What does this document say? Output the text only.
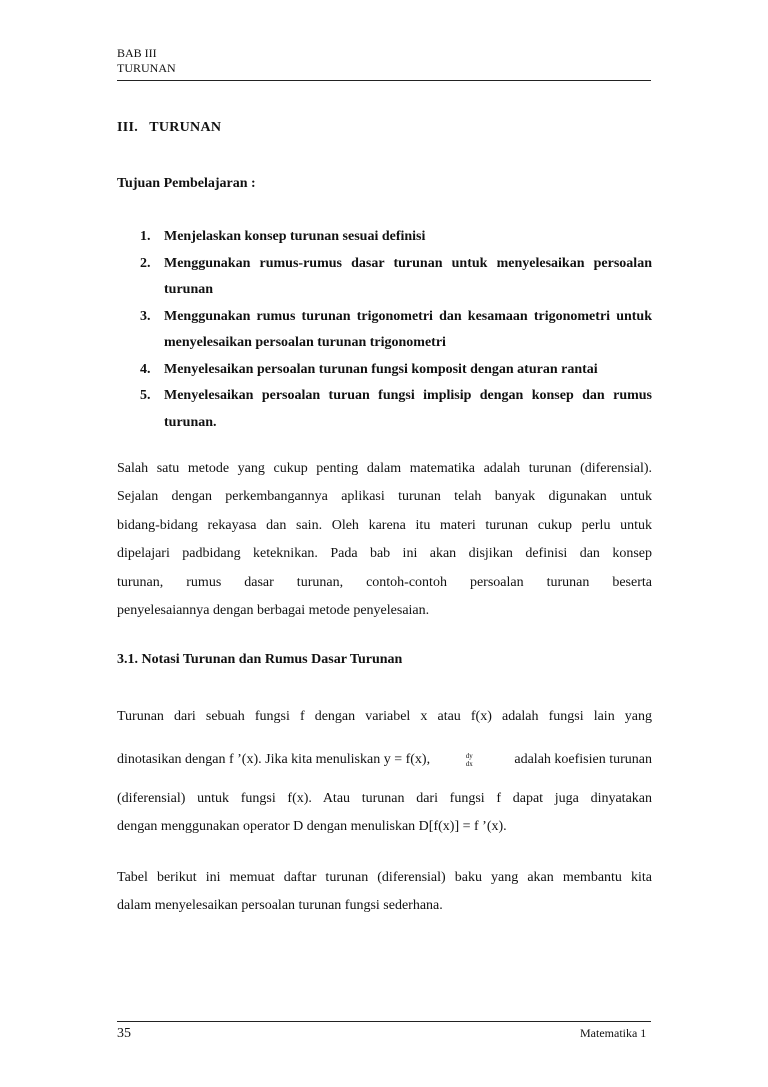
BAB III
TURUNAN
III.   TURUNAN
Tujuan Pembelajaran :
1. Menjelaskan konsep turunan sesuai definisi
2. Menggunakan rumus-rumus dasar turunan untuk menyelesaikan persoalan turunan
3. Menggunakan rumus turunan trigonometri dan kesamaan trigonometri untuk menyelesaikan persoalan turunan trigonometri
4. Menyelesaikan persoalan turunan fungsi komposit dengan aturan rantai
5. Menyelesaikan persoalan turuan fungsi implisip dengan konsep dan rumus turunan.
Salah satu metode yang cukup penting dalam matematika adalah turunan (diferensial).
Sejalan dengan perkembangannya aplikasi turunan telah banyak digunakan untuk
bidang-bidang rekayasa dan sain. Oleh karena itu materi turunan cukup perlu untuk
dipelajari padbidang keteknikan. Pada bab ini akan disjikan definisi dan konsep
turunan, rumus dasar turunan, contoh-contoh persoalan turunan beserta
penyelesaiannya dengan berbagai metode penyelesaian.
3.1. Notasi Turunan dan Rumus Dasar Turunan
Turunan dari sebuah fungsi f dengan variabel x atau f(x) adalah fungsi lain yang
dinotasikan dengan f ’(x). Jika kita menuliskan y = f(x),	dy
dx	adalah koefisien turunan
(diferensial) untuk fungsi f(x). Atau turunan dari fungsi f dapat juga dinyatakan
dengan menggunakan operator D dengan menuliskan D[f(x)] = f ’(x).
Tabel berikut ini memuat daftar turunan (diferensial) baku yang akan membantu kita
dalam menyelesaikan persoalan turunan fungsi sederhana.
35	Matematika 1
